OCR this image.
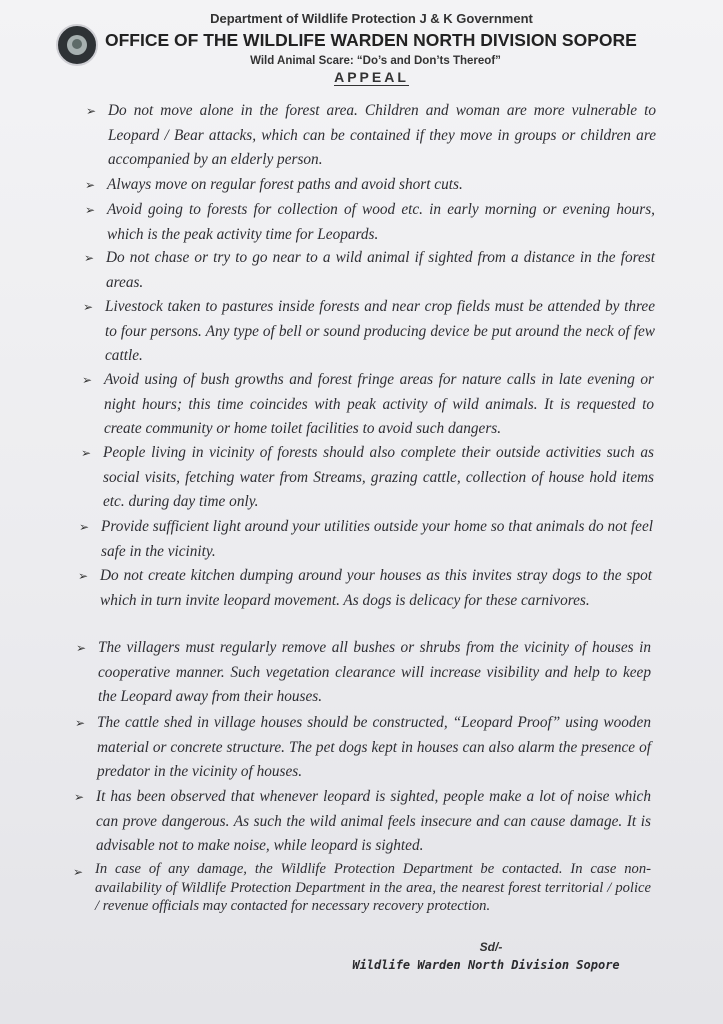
Department of Wildlife Protection J & K Government
OFFICE OF THE WILDLIFE WARDEN NORTH DIVISION SOPORE
Wild Animal Scare: “Do’s and Don’ts Thereof”
APPEAL
➢ Do not move alone in the forest area. Children and woman are more vulnerable to Leopard / Bear attacks, which can be contained if they move in groups or children are accompanied by an elderly person.

➢ Always move on regular forest paths and avoid short cuts.

➢ Avoid going to forests for collection of wood etc. in early morning or evening hours, which is the peak activity time for Leopards.

➢ Do not chase or try to go near to a wild animal if sighted from a distance in the forest areas.

➢ Livestock taken to pastures inside forests and near crop fields must be attended by three to four persons. Any type of bell or sound producing device be put around the neck of few cattle.

➢ Avoid using of bush growths and forest fringe areas for nature calls in late evening or night hours; this time coincides with peak activity of wild animals. It is requested to create community or home toilet facilities to avoid such dangers.

➢ People living in vicinity of forests should also complete their outside activities such as social visits, fetching water from Streams, grazing cattle, collection of house hold items etc. during day time only.

➢ Provide sufficient light around your utilities outside your home so that animals do not feel safe in the vicinity.

➢ Do not create kitchen dumping around your houses as this invites stray dogs to the spot which in turn invite leopard movement. As dogs is delicacy for these carnivores.

➢ The villagers must regularly remove all bushes or shrubs from the vicinity of houses in cooperative manner. Such vegetation clearance will increase visibility and help to keep the Leopard away from their houses.

➢ The cattle shed in village houses should be constructed, “Leopard Proof” using wooden material or concrete structure. The pet dogs kept in houses can also alarm the presence of predator in the vicinity of houses.

➢ It has been observed that whenever leopard is sighted, people make a lot of noise which can prove dangerous. As such the wild animal feels insecure and can cause damage. It is advisable not to make noise, while leopard is sighted.

➢ In case of any damage, the Wildlife Protection Department be contacted. In case non-availability of Wildlife Protection Department in the area, the nearest forest territorial / police / revenue officials may contacted for necessary recovery protection.

Sd/-
Wildlife Warden North Division Sopore
